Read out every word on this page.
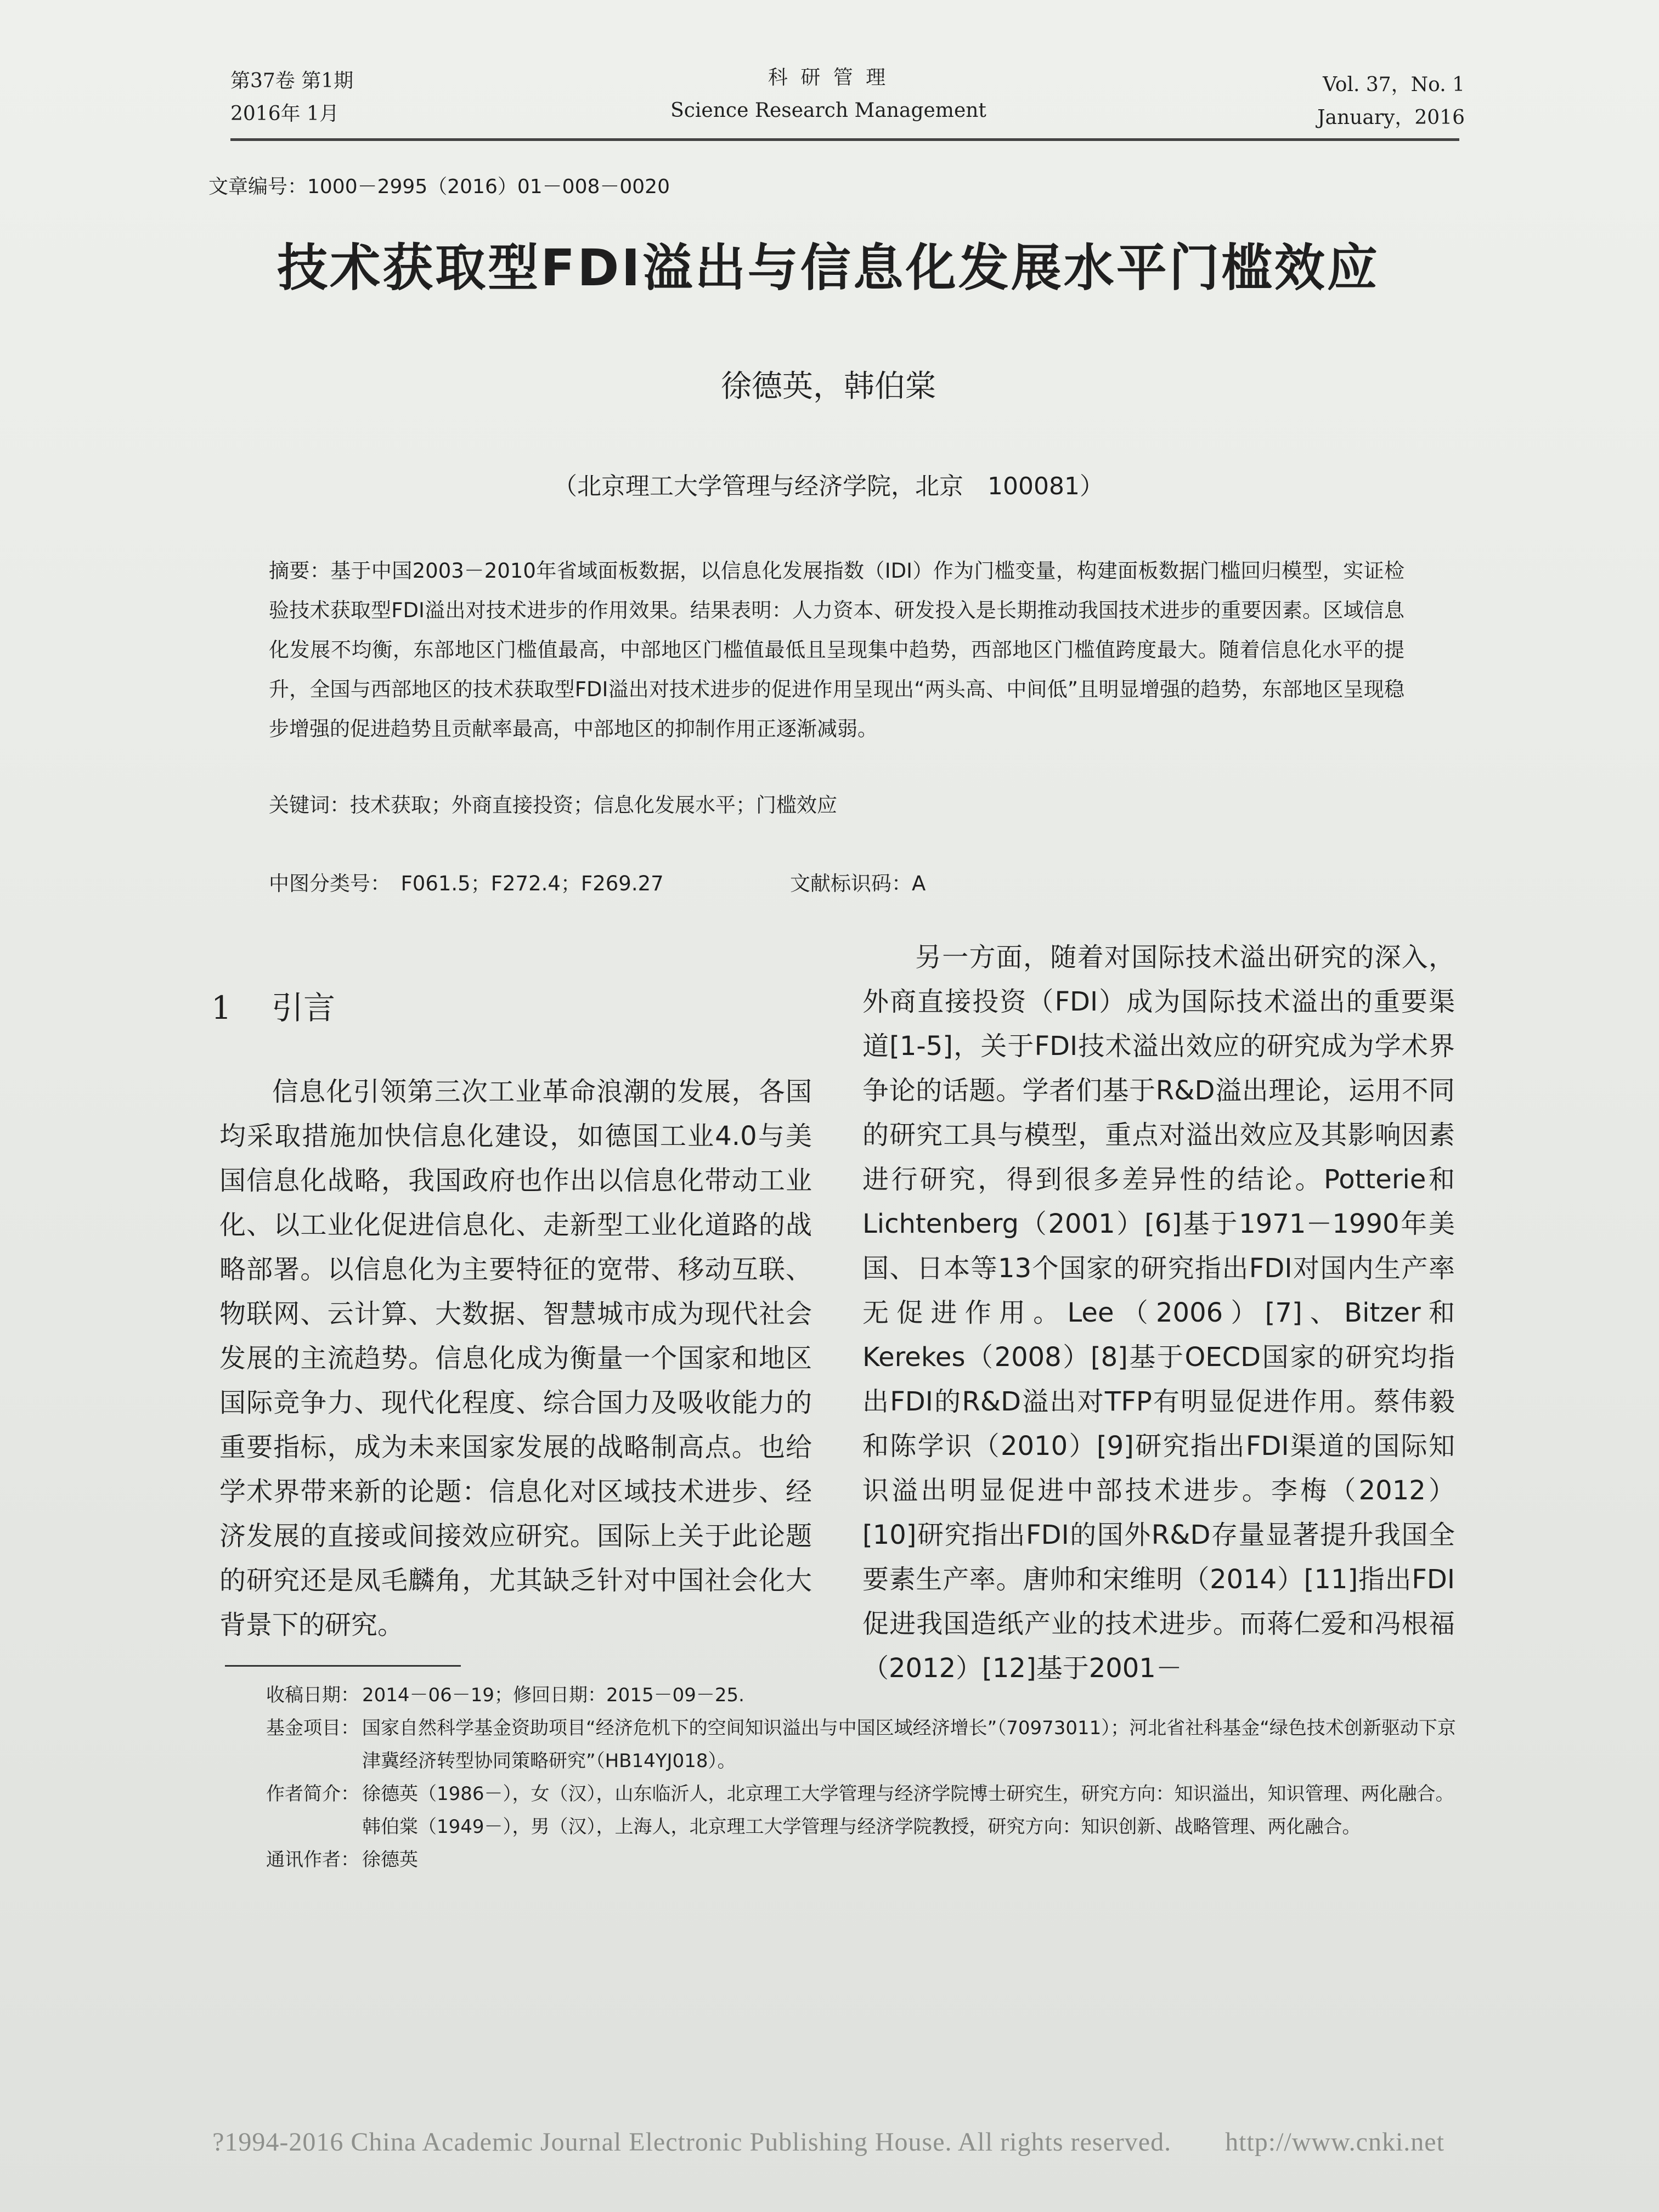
第37卷 第1期
2016年 1月
科 研 管 理
Science Research Management
Vol. 37，No. 1
January，2016
文章编号：1000－2995（2016）01－008－0020
技术获取型FDI溢出与信息化发展水平门槛效应
徐德英，韩伯棠
（北京理工大学管理与经济学院，北京　100081）
摘要：基于中国2003－2010年省域面板数据，以信息化发展指数（IDI）作为门槛变量，构建面板数据门槛回归模型，实证检验技术获取型FDI溢出对技术进步的作用效果。结果表明：人力资本、研发投入是长期推动我国技术进步的重要因素。区域信息化发展不均衡，东部地区门槛值最高，中部地区门槛值最低且呈现集中趋势，西部地区门槛值跨度最大。随着信息化水平的提升，全国与西部地区的技术获取型FDI溢出对技术进步的促进作用呈现出“两头高、中间低”且明显增强的趋势，东部地区呈现稳步增强的促进趋势且贡献率最高，中部地区的抑制作用正逐渐减弱。
关键词：技术获取；外商直接投资；信息化发展水平；门槛效应
中图分类号：　F061.5；F272.4；F269.27	文献标识码：A
1 引言

信息化引领第三次工业革命浪潮的发展，各国均采取措施加快信息化建设，如德国工业4.0与美国信息化战略，我国政府也作出以信息化带动工业化、以工业化促进信息化、走新型工业化道路的战略部署。以信息化为主要特征的宽带、移动互联、物联网、云计算、大数据、智慧城市成为现代社会发展的主流趋势。信息化成为衡量一个国家和地区国际竞争力、现代化程度、综合国力及吸收能力的重要指标，成为未来国家发展的战略制高点。也给学术界带来新的论题：信息化对区域技术进步、经济发展的直接或间接效应研究。国际上关于此论题的研究还是凤毛麟角，尤其缺乏针对中国社会化大背景下的研究。

另一方面，随着对国际技术溢出研究的深入，外商直接投资（FDI）成为国际技术溢出的重要渠道[1-5]，关于FDI技术溢出效应的研究成为学术界争论的话题。学者们基于R&D溢出理论，运用不同的研究工具与模型，重点对溢出效应及其影响因素进行研究，得到很多差异性的结论。Potterie和Lichtenberg（2001）[6]基于1971－1990年美国、日本等13个国家的研究指出FDI对国内生产率无促进作用。Lee（2006）[7]、Bitzer和Kerekes（2008）[8]基于OECD国家的研究均指出FDI的R&D溢出对TFP有明显促进作用。蔡伟毅和陈学识（2010）[9]研究指出FDI渠道的国际知识溢出明显促进中部技术进步。李梅（2012）[10]研究指出FDI的国外R&D存量显著提升我国全要素生产率。唐帅和宋维明（2014）[11]指出FDI促进我国造纸产业的技术进步。而蒋仁爱和冯根福（2012）[12]基于2001－

收稿日期： 2014－06－19；修回日期：2015－09－25.
基金项目： 国家自然科学基金资助项目“经济危机下的空间知识溢出与中国区域经济增长”（70973011）；河北省社科基金“绿色技术创新驱动下京津冀经济转型协同策略研究”（HB14YJ018）。
作者简介： 徐德英（1986－），女（汉），山东临沂人，北京理工大学管理与经济学院博士研究生，研究方向：知识溢出，知识管理、两化融合。
韩伯棠（1949－），男（汉），上海人，北京理工大学管理与经济学院教授，研究方向：知识创新、战略管理、两化融合。
通讯作者： 徐德英
?1994-2016 China Academic Journal Electronic Publishing House. All rights reserved.　　http://www.cnki.net
